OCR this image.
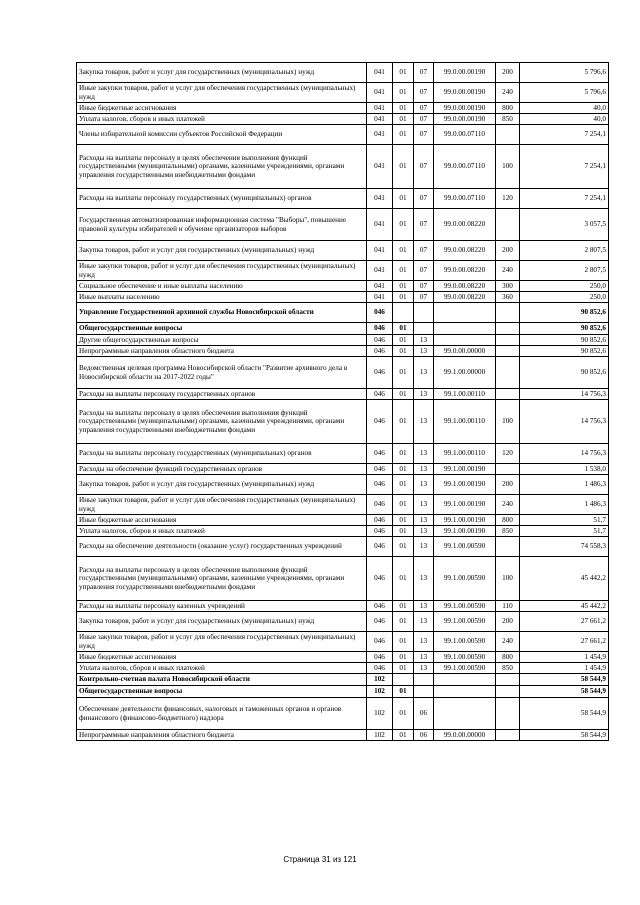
Закупка товаров, работ и услуг для государственных (муниципальных) нужд	041	01	07	99.0.00.00190	200	5 796,6
Иные закупки товаров, работ и услуг для обеспечения государственных (муниципальных) нужд	041	01	07	99.0.00.00190	240	5 796,6
Иные бюджетные ассигнования	041	01	07	99.0.00.00190	800	40,0
Уплата налогов, сборов и иных платежей	041	01	07	99.0.00.00190	850	40,0
Члены избирательной комиссии субъектов Российской Федерации	041	01	07	99.0.00.07110		7 254,1
Расходы на выплаты персоналу в целях обеспечения выполнения функций государственными (муниципальными) органами, казенными учреждениями, органами управления государственными внебюджетными фондами	041	01	07	99.0.00.07110	100	7 254,1
Расходы на выплаты персоналу государственных (муниципальных) органов	041	01	07	99.0.00.07110	120	7 254,1
Государственная автоматизированная информационная система "Выборы", повышение правовой культуры избирателей и обучение организаторов выборов	041	01	07	99.0.00.08220		3 057,5
Закупка товаров, работ и услуг для государственных (муниципальных) нужд	041	01	07	99.0.00.08220	200	2 807,5
Иные закупки товаров, работ и услуг для обеспечения государственных (муниципальных) нужд	041	01	07	99.0.00.08220	240	2 807,5
Социальное обеспечение и иные выплаты населению	041	01	07	99.0.00.08220	300	250,0
Иные выплаты населению	041	01	07	99.0.00.08220	360	250,0
Управление Государственной архивной службы Новосибирской области	046					90 852,6
Общегосударственные вопросы	046	01				90 852,6
Другие общегосударственные вопросы	046	01	13			90 852,6
Непрограммные направления областного бюджета	046	01	13	99.0.00.00000		90 852,6
Ведомственная целевая программа Новосибирской области "Развитие архивного дела в Новосибирской области на 2017-2022 годы"	046	01	13	99.1.00.00000		90 852,6
Расходы на выплаты персоналу государственных органов	046	01	13	99.1.00.00110		14 756,3
Расходы на выплаты персоналу в целях обеспечения выполнения функций государственными (муниципальными) органами, казенными учреждениями, органами управления государственными внебюджетными фондами	046	01	13	99.1.00.00110	100	14 756,3
Расходы на выплаты персоналу государственных (муниципальных) органов	046	01	13	99.1.00.00110	120	14 756,3
Расходы на обеспечение функций государственных органов	046	01	13	99.1.00.00190		1 538,0
Закупка товаров, работ и услуг для государственных (муниципальных) нужд	046	01	13	99.1.00.00190	200	1 486,3
Иные закупки товаров, работ и услуг для обеспечения государственных (муниципальных) нужд	046	01	13	99.1.00.00190	240	1 486,3
Иные бюджетные ассигнования	046	01	13	99.1.00.00190	800	51,7
Уплата налогов, сборов и иных платежей	046	01	13	99.1.00.00190	850	51,7
Расходы на обеспечение деятельности (оказание услуг) государственных учреждений	046	01	13	99.1.00.00590		74 558,3
Расходы на выплаты персоналу в целях обеспечения выполнения функций государственными (муниципальными) органами, казенными учреждениями, органами управления государственными внебюджетными фондами	046	01	13	99.1.00.00590	100	45 442,2
Расходы на выплаты персоналу казенных учреждений	046	01	13	99.1.00.00590	110	45 442,2
Закупка товаров, работ и услуг для государственных (муниципальных) нужд	046	01	13	99.1.00.00590	200	27 661,2
Иные закупки товаров, работ и услуг для обеспечения государственных (муниципальных) нужд	046	01	13	99.1.00.00590	240	27 661,2
Иные бюджетные ассигнования	046	01	13	99.1.00.00590	800	1 454,9
Уплата налогов, сборов и иных платежей	046	01	13	99.1.00.00590	850	1 454,9
Контрольно-счетная палата Новосибирской области	102					58 544,9
Общегосударственные вопросы	102	01				58 544,9
Обеспечение деятельности финансовых, налоговых и таможенных органов и органов финансового (финансово-бюджетного) надзора	102	01	06			58 544,9
Непрограммные направления областного бюджета	102	01	06	99.0.00.00000		58 544,9
Страница 31 из 121
